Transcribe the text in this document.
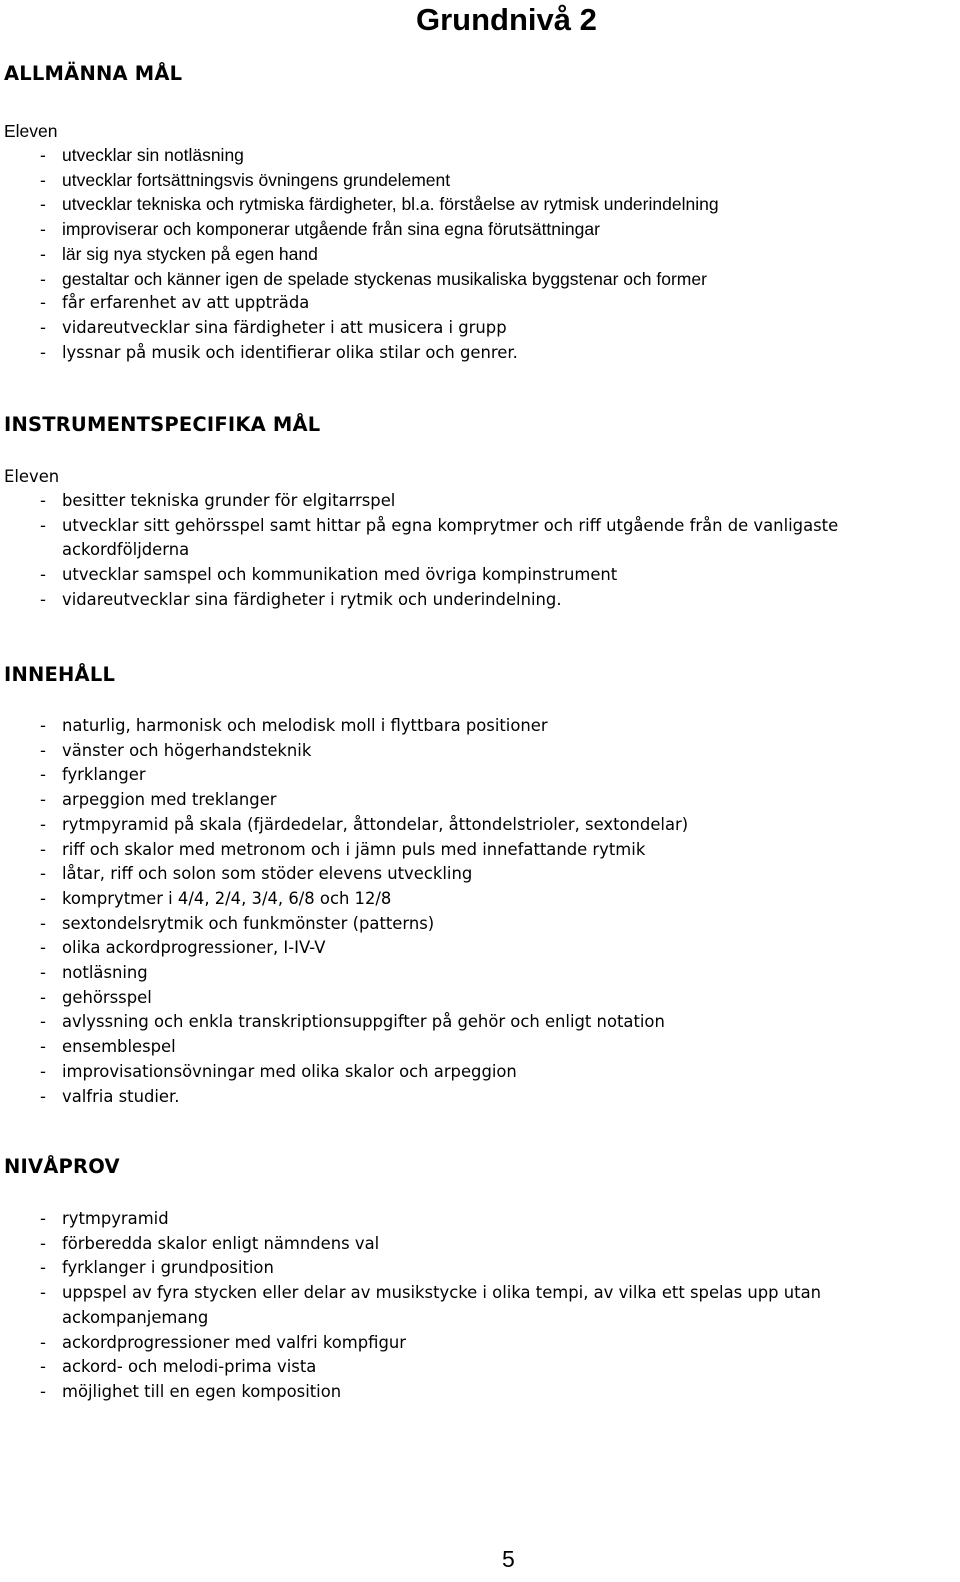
Grundnivå 2
ALLMÄNNA MÅL

Eleven

- utvecklar sin notläsning
- utvecklar fortsättningsvis övningens grundelement
- utvecklar tekniska och rytmiska färdigheter, bl.a. förståelse av rytmisk underindelning
- improviserar och komponerar utgående från sina egna förutsättningar
- lär sig nya stycken på egen hand
- gestaltar och känner igen de spelade styckenas musikaliska byggstenar och former
- får erfarenhet av att uppträda
- vidareutvecklar sina färdigheter i att musicera i grupp
- lyssnar på musik och identifierar olika stilar och genrer.
INSTRUMENTSPECIFIKA MÅL

Eleven

- besitter tekniska grunder för elgitarrspel
- utvecklar sitt gehörsspel samt hittar på egna komprytmer och riff utgående från de vanligaste ackordföljderna
- utvecklar samspel och kommunikation med övriga kompinstrument
- vidareutvecklar sina färdigheter i rytmik och underindelning.
INNEHÅLL
- naturlig, harmonisk och melodisk moll i flyttbara positioner
- vänster och högerhandsteknik
- fyrklanger
- arpeggion med treklanger
- rytmpyramid på skala (fjärdedelar, åttondelar, åttondelstrioler, sextondelar)
- riff och skalor med metronom och i jämn puls med innefattande rytmik
- låtar, riff och solon som stöder elevens utveckling
- komprytmer i 4/4, 2/4, 3/4, 6/8 och 12/8
- sextondelsrytmik och funkmönster (patterns)
- olika ackordprogressioner, I-IV-V
- notläsning
- gehörsspel
- avlyssning och enkla transkriptionsuppgifter på gehör och enligt notation
- ensemblespel
- improvisationsövningar med olika skalor och arpeggion
- valfria studier.
NIVÅPROV
- rytmpyramid
- förberedda skalor enligt nämndens val
- fyrklanger i grundposition
- uppspel av fyra stycken eller delar av musikstycke i olika tempi, av vilka ett spelas upp utan ackompanjemang
- ackordprogressioner med valfri kompfigur
- ackord- och melodi-prima vista
- möjlighet till en egen komposition

5
